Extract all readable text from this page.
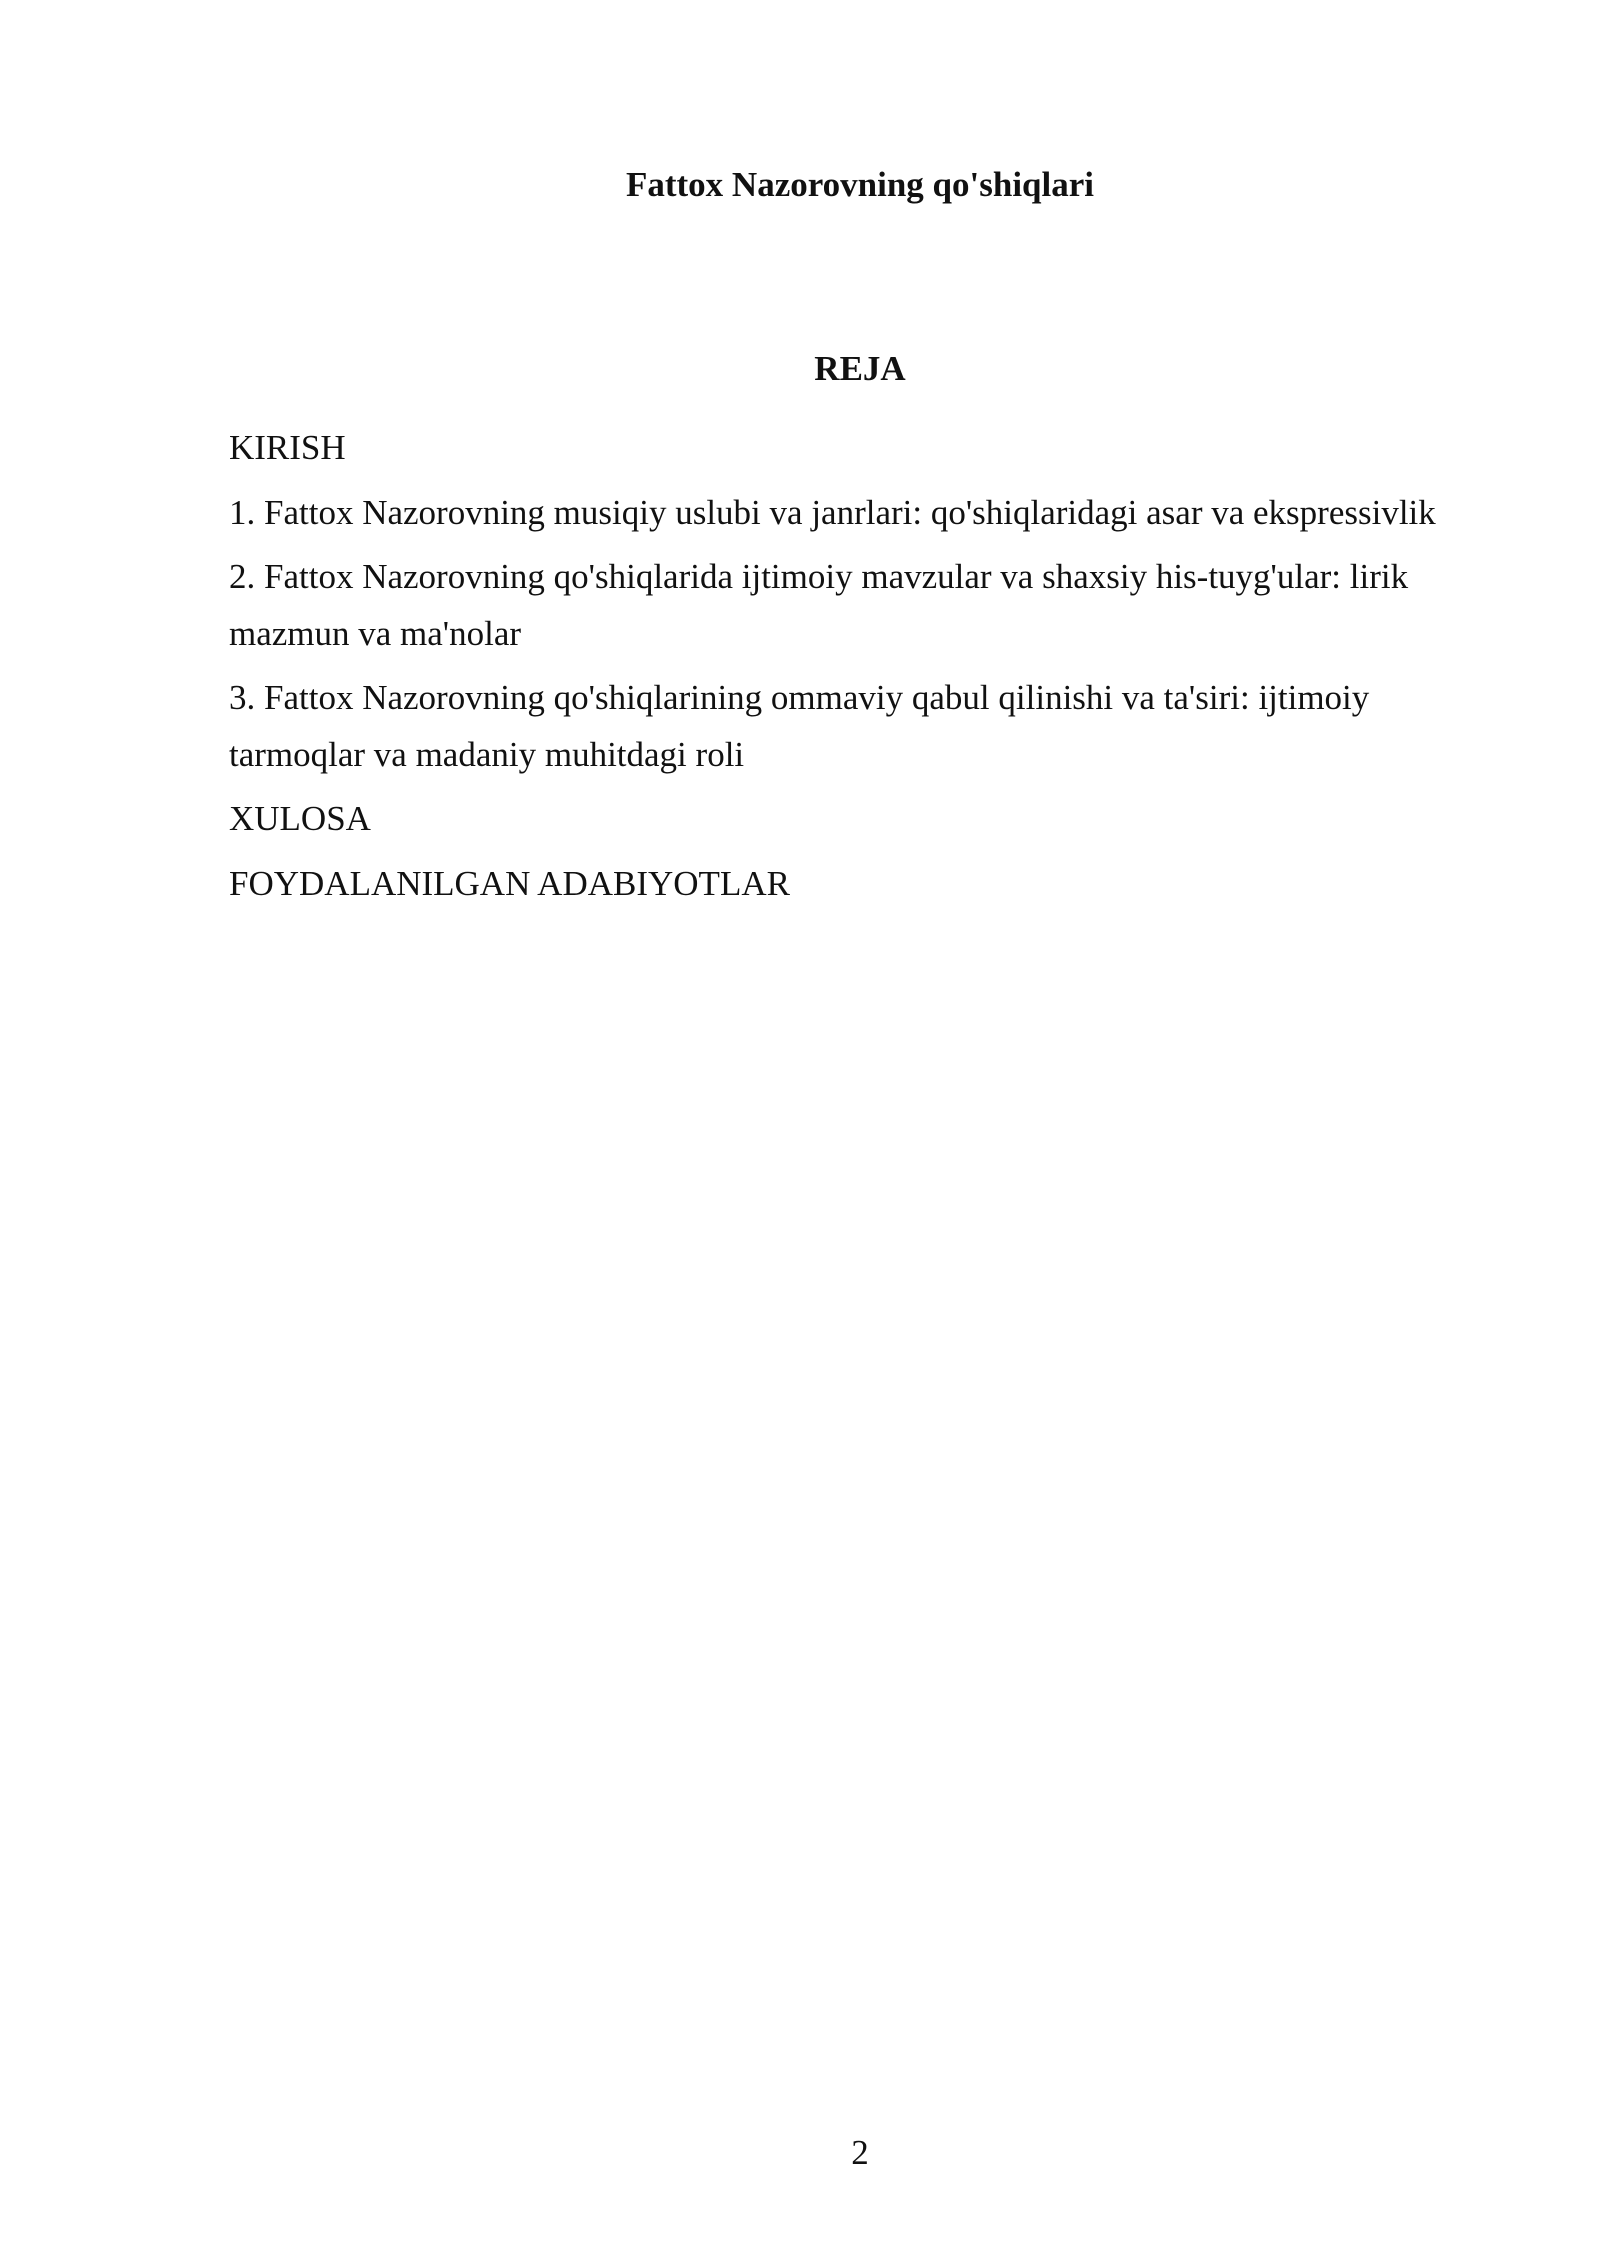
Fattox Nazorovning qo'shiqlari
REJA
KIRISH
1. Fattox Nazorovning musiqiy uslubi va janrlari: qo'shiqlaridagi asar va ekspressivlik
2. Fattox Nazorovning qo'shiqlarida ijtimoiy mavzular va shaxsiy his-tuyg'ular: lirik mazmun va ma'nolar
3. Fattox Nazorovning qo'shiqlarining ommaviy qabul qilinishi va ta'siri: ijtimoiy tarmoqlar va madaniy muhitdagi roli
XULOSA
FOYDALANILGAN ADABIYOTLAR
2
